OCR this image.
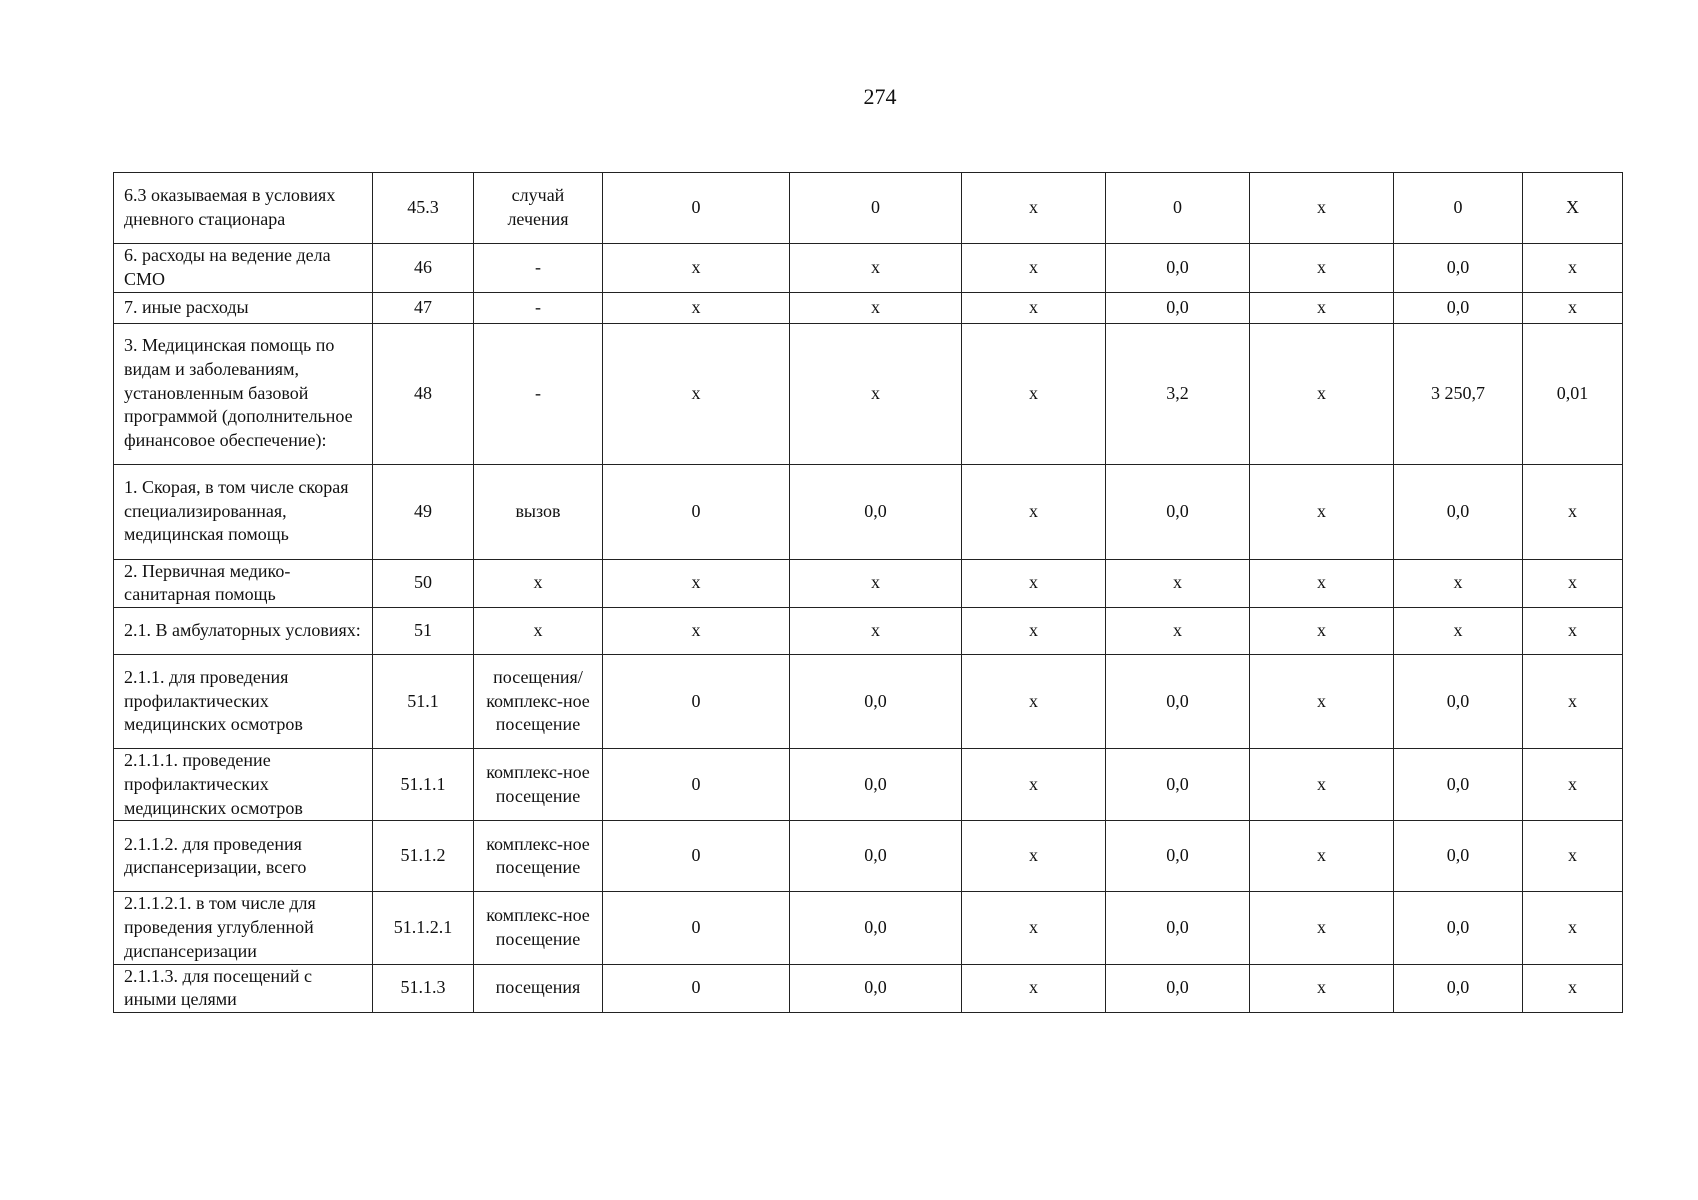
274
6.3 оказываемая в условиях дневного стационара	45.3	случай лечения	0	0	x	0	x	0	X
6. расходы на ведение дела СМО	46	-	x	x	x	0,0	x	0,0	x
7. иные расходы	47	-	x	x	x	0,0	x	0,0	x
3. Медицинская помощь по видам и заболеваниям, установленным базовой программой (дополнительное финансовое обеспечение):	48	-	x	x	x	3,2	x	3 250,7	0,01
1. Скорая, в том числе скорая специализированная, медицинская помощь	49	вызов	0	0,0	x	0,0	x	0,0	x
2. Первичная медико-санитарная помощь	50	х	x	x	x	x	x	x	x
2.1. В амбулаторных условиях:	51	х	x	x	x	x	x	x	x
2.1.1. для проведения профилактических медицинских осмотров	51.1	посещения/ комплекс-ное посещение	0	0,0	x	0,0	x	0,0	x
2.1.1.1. проведение профилактических медицинских осмотров	51.1.1	комплекс-ное посещение	0	0,0	x	0,0	x	0,0	x
2.1.1.2. для проведения диспансеризации, всего	51.1.2	комплекс-ное посещение	0	0,0	x	0,0	x	0,0	x
2.1.1.2.1. в том числе для проведения углубленной диспансеризации	51.1.2.1	комплекс-ное посещение	0	0,0	x	0,0	x	0,0	x
2.1.1.3. для посещений с иными целями	51.1.3	посещения	0	0,0	x	0,0	x	0,0	x
